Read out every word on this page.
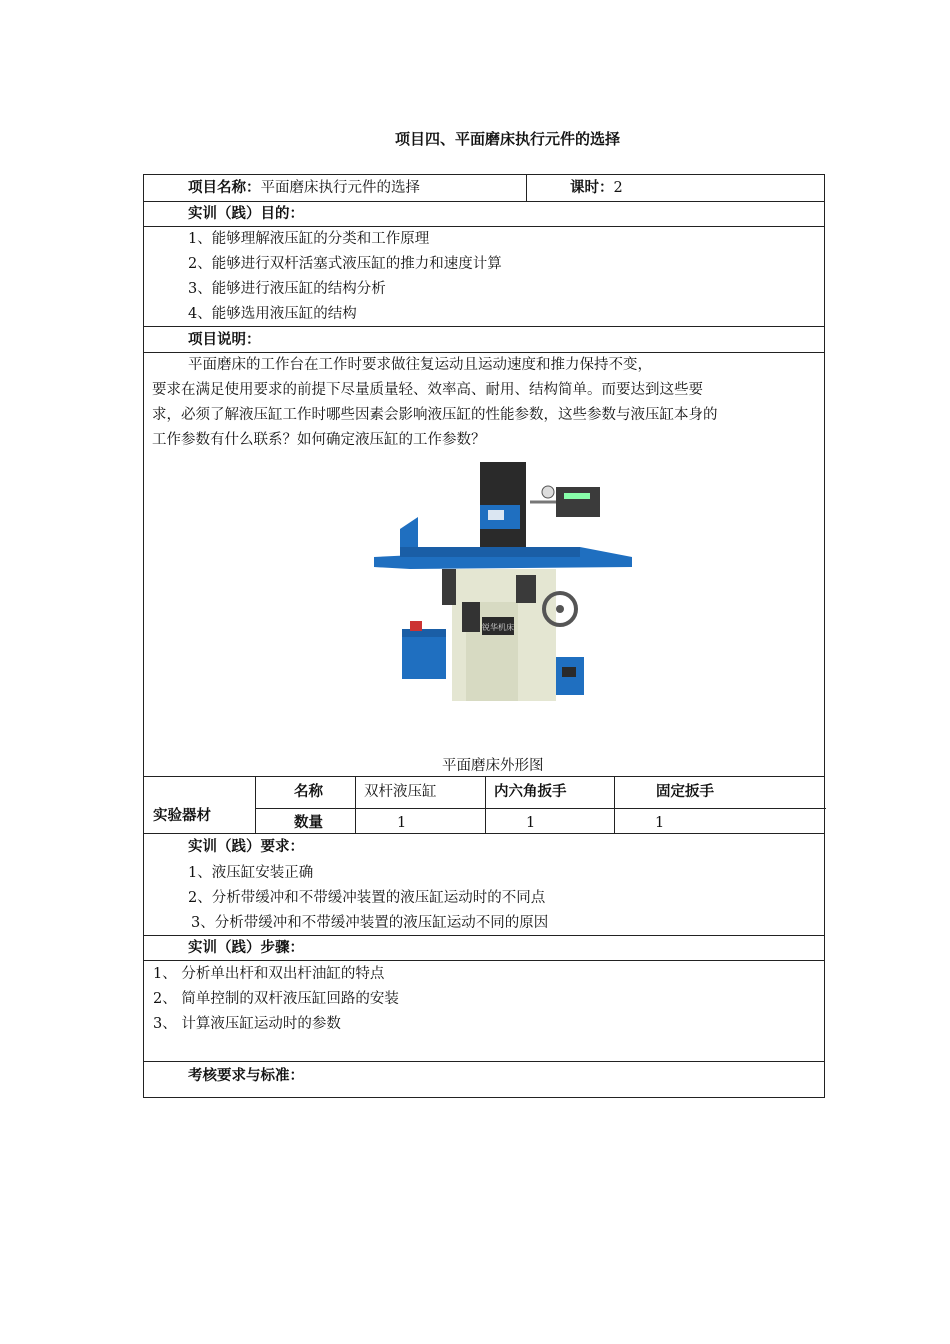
项目四、平面磨床执行元件的选择
项目名称：平面磨床执行元件的选择	课时：2
实训（践）目的：
1、能够理解液压缸的分类和工作原理
2、能够进行双杆活塞式液压缸的推力和速度计算
3、能够进行液压缸的结构分析
4、能够选用液压缸的结构
项目说明：

平面磨床的工作台在工作时要求做往复运动且运动速度和推力保持不变，

要求在满足使用要求的前提下尽量质量轻、效率高、耐用、结构简单。而要达到这些要

求，必须了解液压缸工作时哪些因素会影响液压缸的性能参数，这些参数与液压缸本身的

工作参数有什么联系？如何确定液压缸的工作参数？

锐华机床
平面磨床外形图
实验器材
名称	双杆液压缸	内六角扳手	固定扳手
数量	1	1	1
实训（践）要求：
1、液压缸安装正确
2、分析带缓冲和不带缓冲装置的液压缸运动时的不同点
3、分析带缓冲和不带缓冲装置的液压缸运动不同的原因
实训（践）步骤：
1、 分析单出杆和双出杆油缸的特点
2、 简单控制的双杆液压缸回路的安装
3、 计算液压缸运动时的参数
考核要求与标准：
